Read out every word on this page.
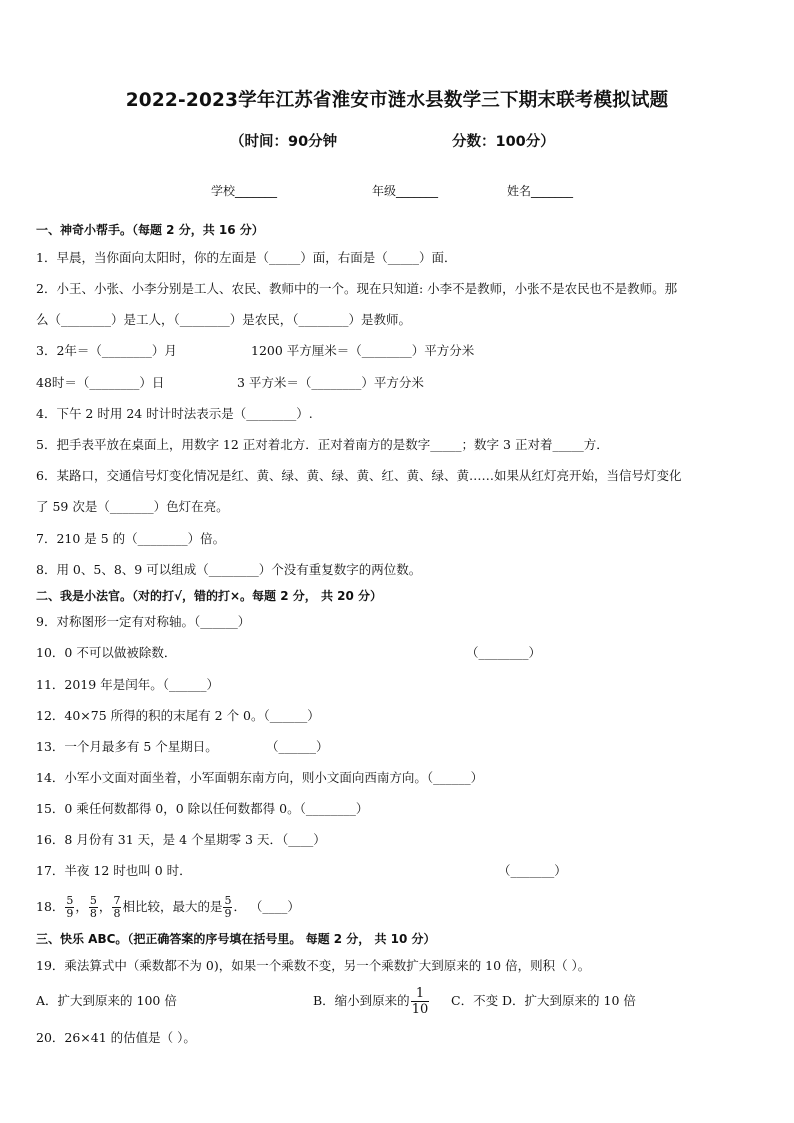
2022-2023学年江苏省淮安市涟水县数学三下期末联考模拟试题
（时间：90分钟	分数：100分）
学校_______	年级_______	姓名_______
一、神奇小帮手。（每题 2 分，共 16 分）
1．早晨，当你面向太阳时，你的左面是（_____）面，右面是（_____）面．
2．小王、小张、小李分别是工人、农民、教师中的一个。现在只知道: 小李不是教师，小张不是农民也不是教师。那
么（________）是工人，（________）是农民，（________）是教师。
3．2年＝（________）月	1200 平方厘米＝（________）平方分米
48时＝（________）日	3 平方米＝（________）平方分米
4．下午 2 时用 24 时计时法表示是（________）.
5．把手表平放在桌面上，用数字 12 正对着北方．正对着南方的是数字_____；数字 3 正对着_____方．
6．某路口，交通信号灯变化情况是红、黄、绿、黄、绿、黄、红、黄、绿、黄……如果从红灯亮开始，当信号灯变化
了 59 次是（_______）色灯在亮。
7．210 是 5 的（________）倍。
8．用 0、5、8、9 可以组成（________）个没有重复数字的两位数。
二、我是小法官。（对的打√，错的打×。每题 2 分， 共 20 分）
9．对称图形一定有对称轴。（______）
10．0 不可以做被除数．	（________）
11．2019 年是闰年。（______）
12．40×75 所得的积的末尾有 2 个 0。（______）
13．一个月最多有 5 个星期日。	（______）
14．小军小文面对面坐着，小军面朝东南方向，则小文面向西南方向。（______）
15．0 乘任何数都得 0，0 除以任何数都得 0。（________）
16．8 月份有 31 天，是 4 个星期零 3 天．（____）
17．半夜 12 时也叫 0 时．	（_______）
18． $\frac{5}{9}$ ， $\frac{5}{8}$ ， $\frac{7}{8}$ 相比较，最大的是 $\frac{5}{9}$ ． （____）
三、快乐 ABC。（把正确答案的序号填在括号里。 每题 2 分， 共 10 分）
19．乘法算式中（乘数都不为 0)，如果一个乘数不变，另一个乘数扩大到原来的 10 倍，则积（ ）。
A．扩大到原来的 100 倍	B．缩小到原来的 $\frac{1}{10}$ C．不变 D．扩大到原来的 10 倍
20．26×41 的估值是（ ）。
